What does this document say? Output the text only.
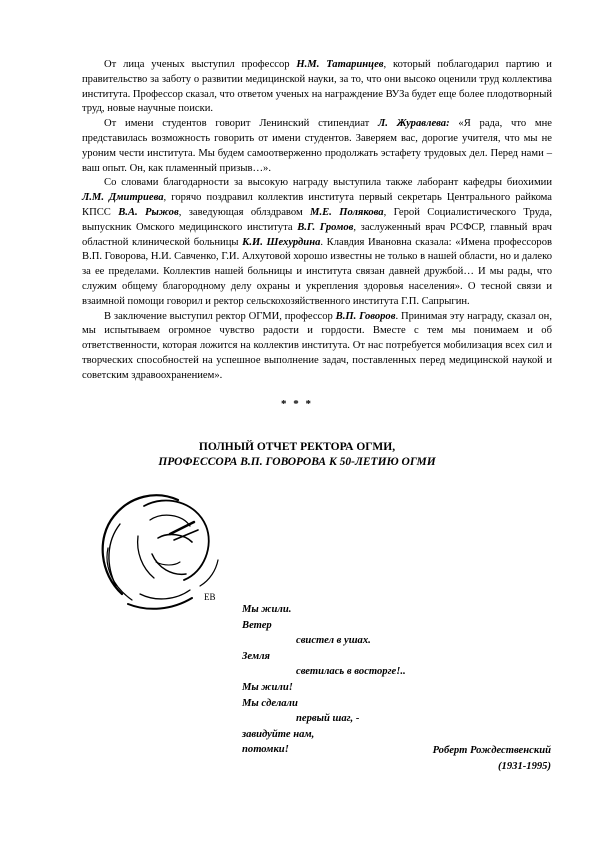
От лица ученых выступил профессор Н.М. Татаринцев, который поблагодарил партию и правительство за заботу о развитии медицинской науки, за то, что они высоко оценили труд коллектива института. Профессор сказал, что ответом ученых на награждение ВУЗа будет еще более плодотворный труд, новые научные поиски.

От имени студентов говорит Ленинский стипендиат Л. Журавлева: «Я рада, что мне представилась возможность говорить от имени студентов. Заверяем вас, дорогие учителя, что мы не уроним чести института. Мы будем самоотверженно продолжать эстафету трудовых дел. Перед нами – ваш опыт. Он, как пламенный призыв…».

Со словами благодарности за высокую награду выступила также лаборант кафедры биохимии Л.М. Дмитриева, горячо поздравил коллектив института первый секретарь Центрального райкома КПСС В.А. Рыжов, заведующая облздравом М.Е. Полякова, Герой Социалистического Труда, выпускник Омского медицинского института В.Г. Громов, заслуженный врач РСФСР, главный врач областной клинической больницы К.И. Шехурдина. Клавдия Ивановна сказала: «Имена профессоров В.П. Говорова, Н.И. Савченко, Г.И. Алхутовой хорошо известны не только в нашей области, но и далеко за ее пределами. Коллектив нашей больницы и института связан давней дружбой… И мы рады, что служим общему благородному делу охраны и укрепления здоровья населения». О тесной связи и взаимной помощи говорил и ректор сельскохозяйственного института Г.П. Сапрыгин.

В заключение выступил ректор ОГМИ, профессор В.П. Говоров. Принимая эту награду, сказал он, мы испытываем огромное чувство радости и гордости. Вместе с тем мы понимаем и об ответственности, которая ложится на коллектив института. От нас потребуется мобилизация всех сил и творческих способностей на успешное выполнение задач, поставленных перед медицинской наукой и советским здравоохранением».

* * *
ПОЛНЫЙ ОТЧЕТ РЕКТОРА ОГМИ,
ПРОФЕССОРА В.П. ГОВОРОВА К 50-ЛЕТИЮ ОГМИ
ЕВ
Мы жили.
Ветер
свистел в ушах.
Земля
светилась в восторге!..
Мы жили!
Мы сделали
первый шаг, -
завидуйте нам,
потомки!	Роберт Рождественский
(1931-1995)
